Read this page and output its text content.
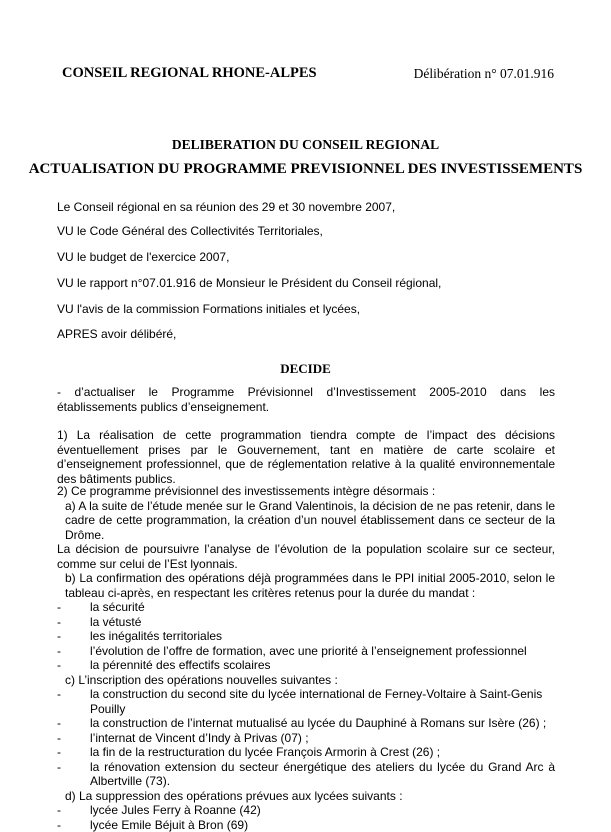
CONSEIL REGIONAL RHONE-ALPES	Délibération n° 07.01.916
DELIBERATION DU CONSEIL REGIONAL
ACTUALISATION DU PROGRAMME PREVISIONNEL DES INVESTISSEMENTS
Le Conseil régional en sa réunion des 29 et 30 novembre 2007,
VU le Code Général des Collectivités Territoriales,
VU le budget de l'exercice 2007,
VU le rapport n°07.01.916 de Monsieur le Président du Conseil régional,
VU l'avis de la commission Formations initiales et lycées,
APRES avoir délibéré,
DECIDE
- d’actualiser le Programme Prévisionnel d’Investissement 2005-2010 dans les établissements publics d’enseignement.
1) La réalisation de cette programmation tiendra compte de l’impact des décisions éventuellement prises par le Gouvernement, tant en matière de carte scolaire et d’enseignement professionnel, que de réglementation relative à la qualité environnementale des bâtiments publics.
2) Ce programme prévisionnel des investissements intègre désormais :
a) A la suite de l’étude menée sur le Grand Valentinois, la décision de ne pas retenir, dans le cadre de cette programmation, la création d’un nouvel établissement dans ce secteur de la Drôme.
La décision de poursuivre l’analyse de l’évolution de la population scolaire sur ce secteur, comme sur celui de l’Est lyonnais.
b) La confirmation des opérations déjà programmées dans le PPI initial 2005-2010, selon le tableau ci-après, en respectant les critères retenus pour la durée du mandat :
- la sécurité
- la vétusté
- les inégalités territoriales
- l’évolution de l’offre de formation, avec une priorité à l’enseignement professionnel
- la pérennité des effectifs scolaires
c) L’inscription des opérations nouvelles suivantes :
- la construction du second site du lycée international de Ferney-Voltaire à Saint-Genis Pouilly
- la construction de l’internat mutualisé au lycée du Dauphiné à Romans sur Isère (26) ;
- l’internat de Vincent d’Indy à Privas (07) ;
- la fin de la restructuration du lycée François Armorin à Crest (26) ;
- la rénovation extension du secteur énergétique des ateliers du lycée du Grand Arc à Albertville (73).
d) La suppression des opérations prévues aux lycées suivants :
- lycée Jules Ferry à Roanne (42)
- lycée Emile Béjuit à Bron (69)
